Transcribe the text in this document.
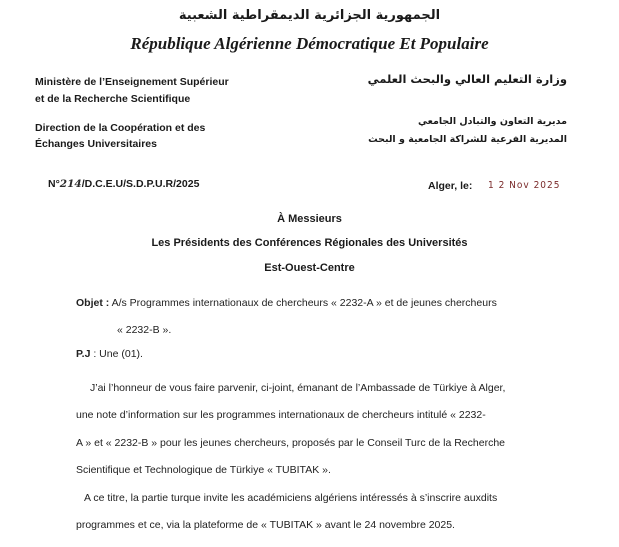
الجمهورية الجزائرية الديمقراطية الشعبية
République Algérienne Démocratique Et Populaire
Ministère de l’Enseignement Supérieur
et de la Recherche Scientifique
وزارة التعليم العالي والبحث العلمي
Direction de la Coopération et des
Échanges Universitaires
مديرية التعاون والتبادل الجامعي
المديرية الفرعية للشراكة الجامعية و البحث
N°214/D.C.E.U/S.D.P.U.R/2025	Alger, le: 1 2 Nov 2025
À Messieurs
Les Présidents des Conférences Régionales des Universités
Est-Ouest-Centre
Objet : A/s Programmes internationaux de chercheurs « 2232-A » et de jeunes chercheurs
« 2232-B ».
P.J : Une (01).
J’ai l’honneur de vous faire parvenir, ci-joint, émanant de l’Ambassade de Türkiye à Alger,
une note d’information sur les programmes internationaux de chercheurs intitulé « 2232-
A » et « 2232-B » pour les jeunes chercheurs, proposés par le Conseil Turc de la Recherche
Scientifique et Technologique de Türkiye « TUBITAK ».
A ce titre, la partie turque invite les académiciens algériens intéressés à s’inscrire auxdits
programmes et ce, via la plateforme de « TUBITAK » avant le 24 novembre 2025.
